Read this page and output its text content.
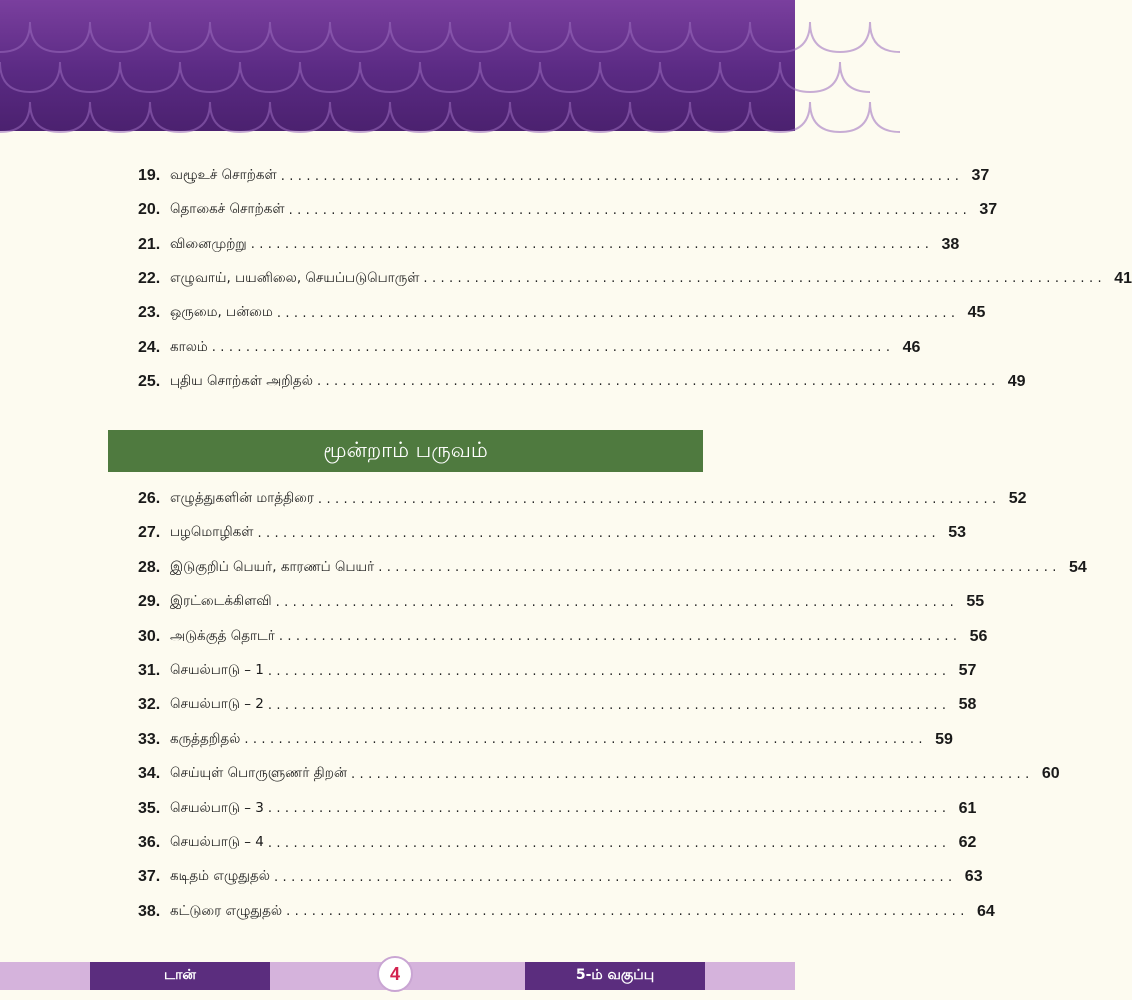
19. வழூஉச் சொற்கள் ................................................................................ 37
20. தொகைச் சொற்கள் ................................................................................ 37
21. வினைமுற்று ................................................................................ 38
22. எழுவாய், பயனிலை, செயப்படுபொருள் ................................................................................ 41
23. ஒருமை, பன்மை ................................................................................ 45
24. காலம் ................................................................................ 46
25. புதிய சொற்கள் அறிதல் ................................................................................ 49
26. எழுத்துகளின் மாத்திரை ................................................................................ 52
27. பழமொழிகள் ................................................................................ 53
28. இடுகுறிப் பெயர், காரணப் பெயர் ................................................................................ 54
29. இரட்டைக்கிளவி ................................................................................ 55
30. அடுக்குத் தொடர் ................................................................................ 56
31. செயல்பாடு – 1 ................................................................................ 57
32. செயல்பாடு – 2 ................................................................................ 58
33. கருத்தறிதல் ................................................................................ 59
34. செய்யுள் பொருளுணர் திறன் ................................................................................ 60
35. செயல்பாடு – 3 ................................................................................ 61
36. செயல்பாடு – 4 ................................................................................ 62
37. கடிதம் எழுதுதல் ................................................................................ 63
38. கட்டுரை எழுதுதல் ................................................................................ 64
மூன்றாம் பருவம்
டான்	4	5-ம் வகுப்பு
